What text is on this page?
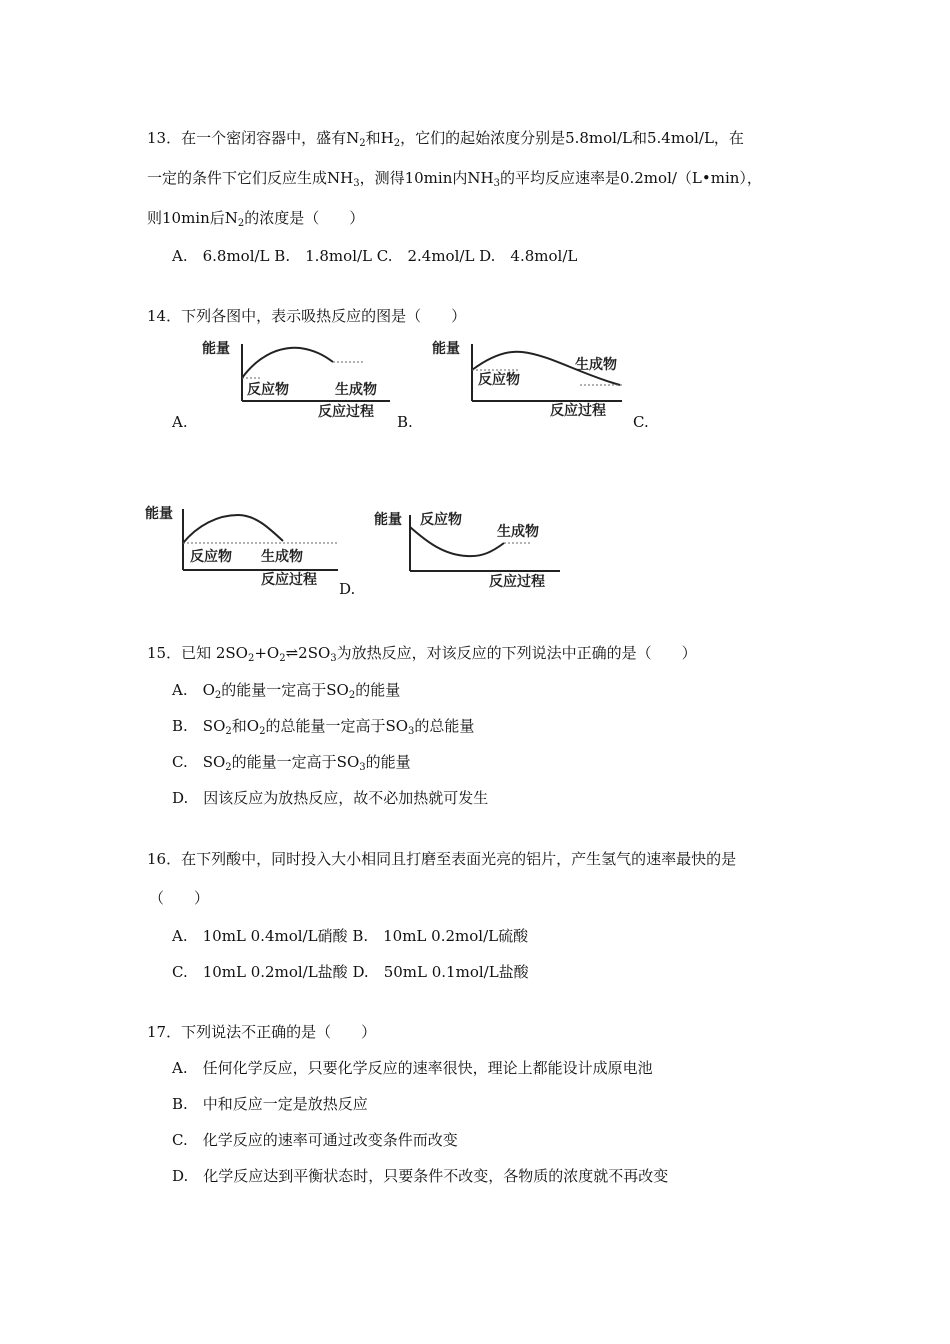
13．在一个密闭容器中，盛有$N_2$和$H_2$，它们的起始浓度分别是5.8mol/L和5.4mol/L，在
一定的条件下它们反应生成$NH_3$，测得10min内$NH_3$的平均反应速率是0.2mol/（L•min），
则10min后$N_2$的浓度是（　　）
A.　6.8mol/L B.　1.8mol/L C.　2.4mol/L D.　4.8mol/L
14．下列各图中，表示吸热反应的图是（　　）
能量
反应物	生成物
反应过程
A.	B.
能量
反应物
生成物
反应过程
C.
能量
反应物 生成物
反应过程 D.
能量 反应物
生成物
反应过程
15．已知 $2SO_2+O_2\rightleftharpoons 2SO_3$为放热反应，对该反应的下列说法中正确的是（　　）
A.　$O_2$的能量一定高于$SO_2$的能量
B.　$SO_2$和$O_2$的总能量一定高于$SO_3$的总能量
C.　$SO_2$的能量一定高于$SO_3$的能量
D.　因该反应为放热反应，故不必加热就可发生
16．在下列酸中，同时投入大小相同且打磨至表面光亮的铝片，产生氢气的速率最快的是
（　　）
A.　10mL 0.4mol/L硝酸 B.　10mL 0.2mol/L硫酸
C.　10mL 0.2mol/L盐酸 D.　50mL 0.1mol/L盐酸
17．下列说法不正确的是（　　）
A.　任何化学反应，只要化学反应的速率很快，理论上都能设计成原电池
B.　中和反应一定是放热反应
C.　化学反应的速率可通过改变条件而改变
D.　化学反应达到平衡状态时，只要条件不改变，各物质的浓度就不再改变
